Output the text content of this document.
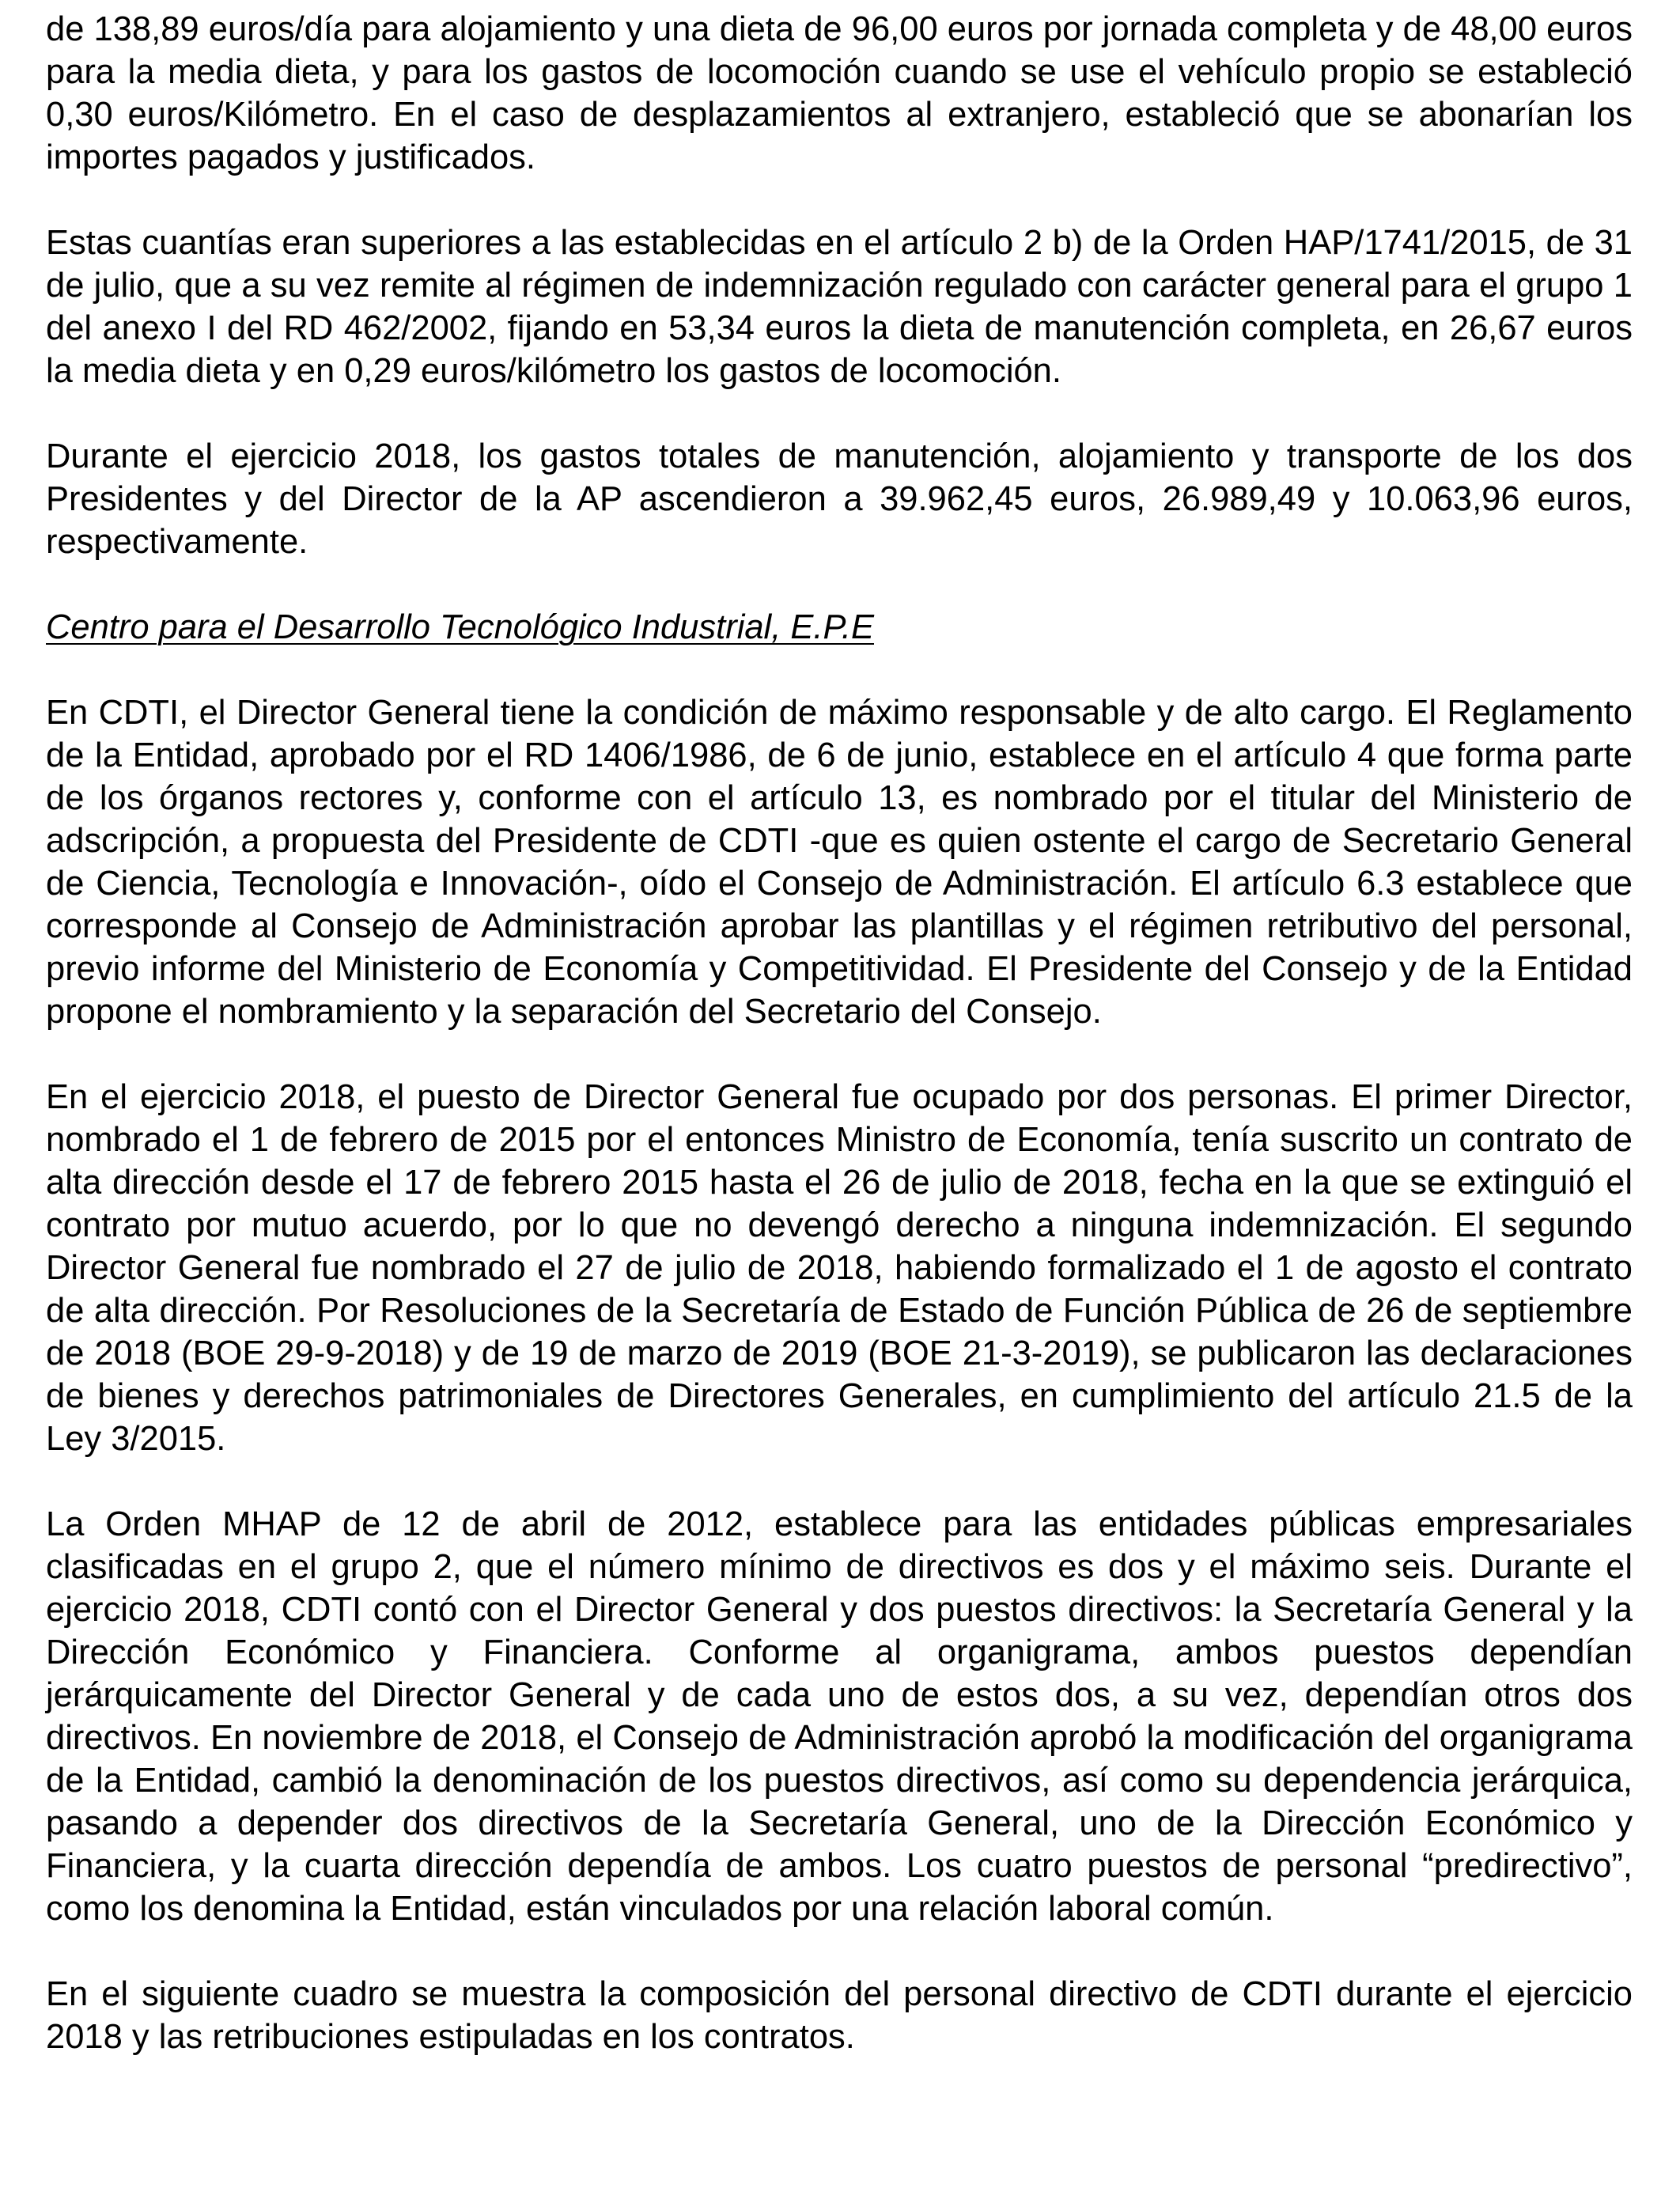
de 138,89 euros/día para alojamiento y una dieta de 96,00 euros por jornada completa y de 48,00 euros para la media dieta, y para los gastos de locomoción cuando se use el vehículo propio se estableció 0,30 euros/Kilómetro. En el caso de desplazamientos al extranjero, estableció que se abonarían los importes pagados y justificados.

Estas cuantías eran superiores a las establecidas en el artículo 2 b) de la Orden HAP/1741/2015, de 31 de julio, que a su vez remite al régimen de indemnización regulado con carácter general para el grupo 1 del anexo I del RD 462/2002, fijando en 53,34 euros la dieta de manutención completa, en 26,67 euros la media dieta y en 0,29 euros/kilómetro los gastos de locomoción.

Durante el ejercicio 2018, los gastos totales de manutención, alojamiento y transporte de los dos Presidentes y del Director de la AP ascendieron a 39.962,45 euros, 26.989,49 y 10.063,96 euros, respectivamente.

Centro para el Desarrollo Tecnológico Industrial, E.P.E

En CDTI, el Director General tiene la condición de máximo responsable y de alto cargo. El Reglamento de la Entidad, aprobado por el RD 1406/1986, de 6 de junio, establece en el artículo 4 que forma parte de los órganos rectores y, conforme con el artículo 13, es nombrado por el titular del Ministerio de adscripción, a propuesta del Presidente de CDTI -que es quien ostente el cargo de Secretario General de Ciencia, Tecnología e Innovación-, oído el Consejo de Administración. El artículo 6.3 establece que corresponde al Consejo de Administración aprobar las plantillas y el régimen retributivo del personal, previo informe del Ministerio de Economía y Competitividad. El Presidente del Consejo y de la Entidad propone el nombramiento y la separación del Secretario del Consejo.

En el ejercicio 2018, el puesto de Director General fue ocupado por dos personas. El primer Director, nombrado el 1 de febrero de 2015 por el entonces Ministro de Economía, tenía suscrito un contrato de alta dirección desde el 17 de febrero 2015 hasta el 26 de julio de 2018, fecha en la que se extinguió el contrato por mutuo acuerdo, por lo que no devengó derecho a ninguna indemnización. El segundo Director General fue nombrado el 27 de julio de 2018, habiendo formalizado el 1 de agosto el contrato de alta dirección. Por Resoluciones de la Secretaría de Estado de Función Pública de 26 de septiembre de 2018 (BOE 29-9-2018) y de 19 de marzo de 2019 (BOE 21-3-2019), se publicaron las declaraciones de bienes y derechos patrimoniales de Directores Generales, en cumplimiento del artículo 21.5 de la Ley 3/2015.

La Orden MHAP de 12 de abril de 2012, establece para las entidades públicas empresariales clasificadas en el grupo 2, que el número mínimo de directivos es dos y el máximo seis. Durante el ejercicio 2018, CDTI contó con el Director General y dos puestos directivos: la Secretaría General y la Dirección Económico y Financiera. Conforme al organigrama, ambos puestos dependían jerárquicamente del Director General y de cada uno de estos dos, a su vez, dependían otros dos directivos. En noviembre de 2018, el Consejo de Administración aprobó la modificación del organigrama de la Entidad, cambió la denominación de los puestos directivos, así como su dependencia jerárquica, pasando a depender dos directivos de la Secretaría General, uno de la Dirección Económico y Financiera, y la cuarta dirección dependía de ambos. Los cuatro puestos de personal “predirectivo”, como los denomina la Entidad, están vinculados por una relación laboral común.

En el siguiente cuadro se muestra la composición del personal directivo de CDTI durante el ejercicio 2018 y las retribuciones estipuladas en los contratos.
